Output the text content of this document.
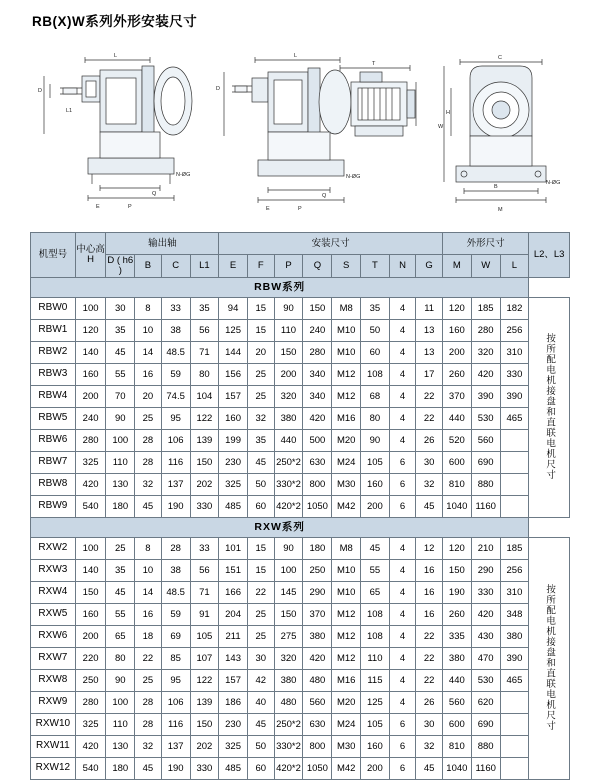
RB(X)W系列外形安装尺寸
L
D
E	P
Q
L1
N-ØG
L
T
D
E	P
Q
N-ØG
C
B
W
H
M
N-ØG
机型号	中心高 H	输出轴				安装尺寸								外形尺寸			L2、L3
		D ( h6 )	B	C	L1	E	F	P	Q	S	T	N	G	M	W	L	
RBW系列																	
RBW0	100	30	8	33	35	94	15	90	150	M8	35	4	11	120	185	182	按所配电机接盘和直联电机尺寸
RBW1	120	35	10	38	56	125	15	110	240	M10	50	4	13	160	280	256	
RBW2	140	45	14	48.5	71	144	20	150	280	M10	60	4	13	200	320	310	
RBW3	160	55	16	59	80	156	25	200	340	M12	108	4	17	260	420	330	
RBW4	200	70	20	74.5	104	157	25	320	340	M12	68	4	22	370	390	390	
RBW5	240	90	25	95	122	160	32	380	420	M16	80	4	22	440	530	465	
RBW6	280	100	28	106	139	199	35	440	500	M20	90	4	26	520	560		
RBW7	325	110	28	116	150	230	45	250*2	630	M24	105	6	30	600	690		
RBW8	420	130	32	137	202	325	50	330*2	800	M30	160	6	32	810	880		
RBW9	540	180	45	190	330	485	60	420*2	1050	M42	200	6	45	1040	1160		
RXW系列																	
RXW2	100	25	8	28	33	101	15	90	180	M8	45	4	12	120	210	185	按所配电机接盘和直联电机尺寸
RXW3	140	35	10	38	56	151	15	100	250	M10	55	4	16	150	290	256	
RXW4	150	45	14	48.5	71	166	22	145	290	M10	65	4	16	190	330	310	
RXW5	160	55	16	59	91	204	25	150	370	M12	108	4	16	260	420	348	
RXW6	200	65	18	69	105	211	25	275	380	M12	108	4	22	335	430	380	
RXW7	220	80	22	85	107	143	30	320	420	M12	110	4	22	380	470	390	
RXW8	250	90	25	95	122	157	42	380	480	M16	115	4	22	440	530	465	
RXW9	280	100	28	106	139	186	40	480	560	M20	125	4	26	560	620		
RXW10	325	110	28	116	150	230	45	250*2	630	M24	105	6	30	600	690		
RXW11	420	130	32	137	202	325	50	330*2	800	M30	160	6	32	810	880		
RXW12	540	180	45	190	330	485	60	420*2	1050	M42	200	6	45	1040	1160		
